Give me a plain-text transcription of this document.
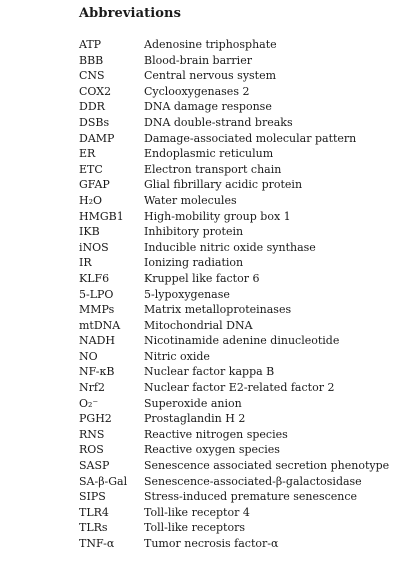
Abbreviations
ATP	Adenosine triphosphate
BBB	Blood-brain barrier
CNS	Central nervous system
COX2	Cyclooxygenases 2
DDR	DNA damage response
DSBs	DNA double-strand breaks
DAMP	Damage-associated molecular pattern
ER	Endoplasmic reticulum
ETC	Electron transport chain
GFAP	Glial fibrillary acidic protein
H₂O	Water molecules
HMGB1	High-mobility group box 1
IKB	Inhibitory protein
iNOS	Inducible nitric oxide synthase
IR	Ionizing radiation
KLF6	Kruppel like factor 6
5-LPO	5-lypoxygenase
MMPs	Matrix metalloproteinases
mtDNA	Mitochondrial DNA
NADH	Nicotinamide adenine dinucleotide
NO	Nitric oxide
NF-κB	Nuclear factor kappa B
Nrf2	Nuclear factor E2-related factor 2
O₂⁻	Superoxide anion
PGH2	Prostaglandin H 2
RNS	Reactive nitrogen species
ROS	Reactive oxygen species
SASP	Senescence associated secretion phenotype
SA-β-Gal	Senescence-associated-β-galactosidase
SIPS	Stress-induced premature senescence
TLR4	Toll-like receptor 4
TLRs	Toll-like receptors
TNF-α	Tumor necrosis factor-α
